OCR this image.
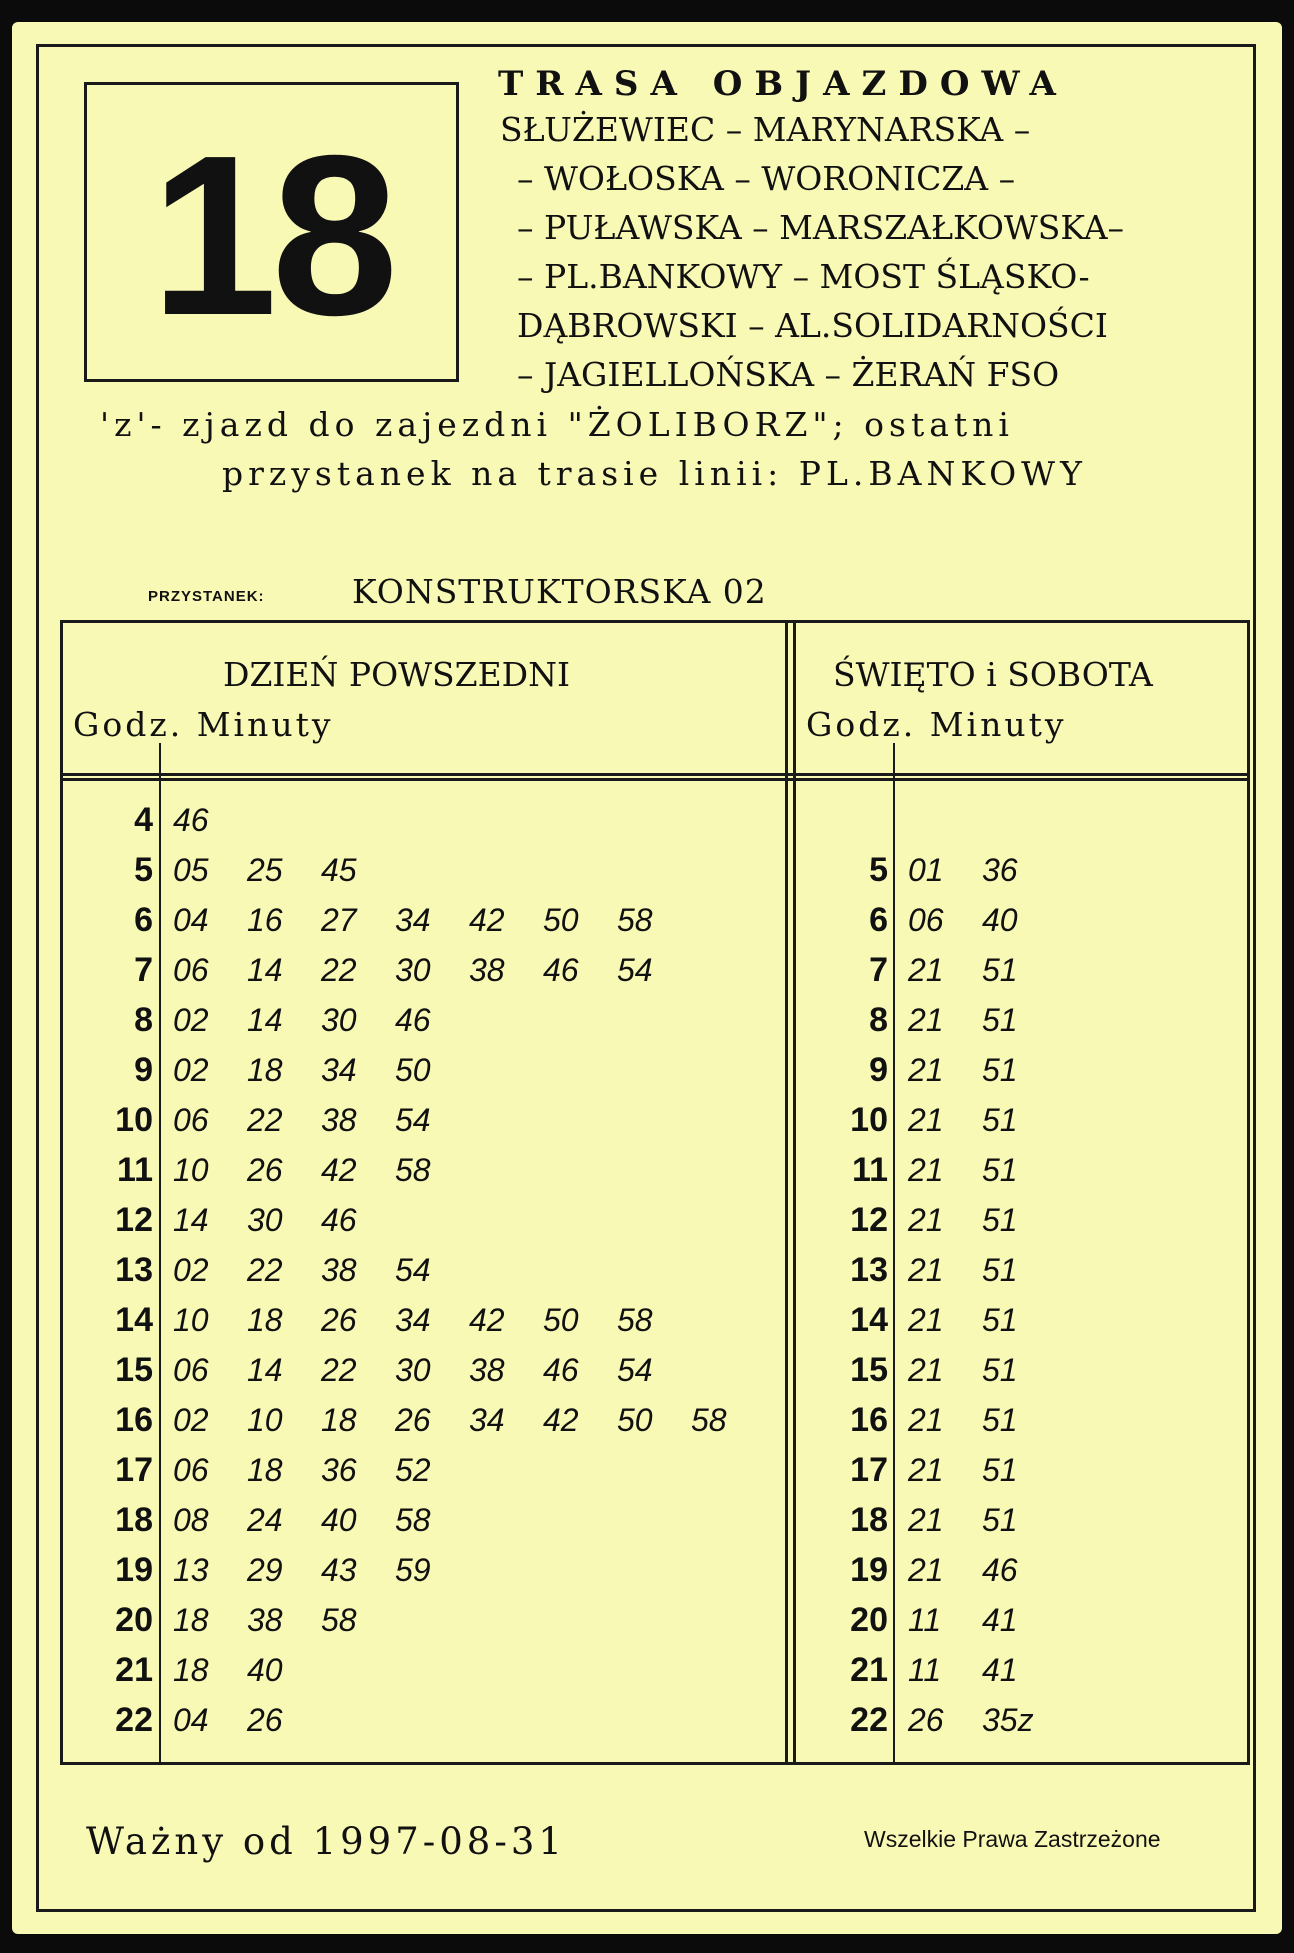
18
TRASA OBJAZDOWA
SŁUŻEWIEC – MARYNARSKA –
– WOŁOSKA – WORONICZA –
– PUŁAWSKA – MARSZAŁKOWSKA–
– PL.BANKOWY – MOST ŚLĄSKO-
DĄBROWSKI – AL.SOLIDARNOŚCI
– JAGIELLOŃSKA – ŻERAŃ FSO
'z'- zjazd do zajezdni "ŻOLIBORZ"; ostatni
przystanek na trasie linii: PL.BANKOWY
PRZYSTANEK:	KONSTRUKTORSKA 02
DZIEŃ POWSZEDNI
Godz. Minuty
ŚWIĘTO i SOBOTA
Godz. Minuty
4 46
5 05 25 45
6 04 16 27 34 42 50 58
7 06 14 22 30 38 46 54
8 02 14 30 46
9 02 18 34 50
10 06 22 38 54
11 10 26 42 58
12 14 30 46
13 02 22 38 54
14 10 18 26 34 42 50 58
15 06 14 22 30 38 46 54
16 02 10 18 26 34 42 50 58
17 06 18 36 52
18 08 24 40 58
19 13 29 43 59
20 18 38 58
21 18 40
22 04 26
5 01 36
6 06 40
7 21 51
8 21 51
9 21 51
10 21 51
11 21 51
12 21 51
13 21 51
14 21 51
15 21 51
16 21 51
17 21 51
18 21 51
19 21 46
20 11 41
21 11 41
22 26 35z
Ważny od 1997-08-31	Wszelkie Prawa Zastrzeżone
